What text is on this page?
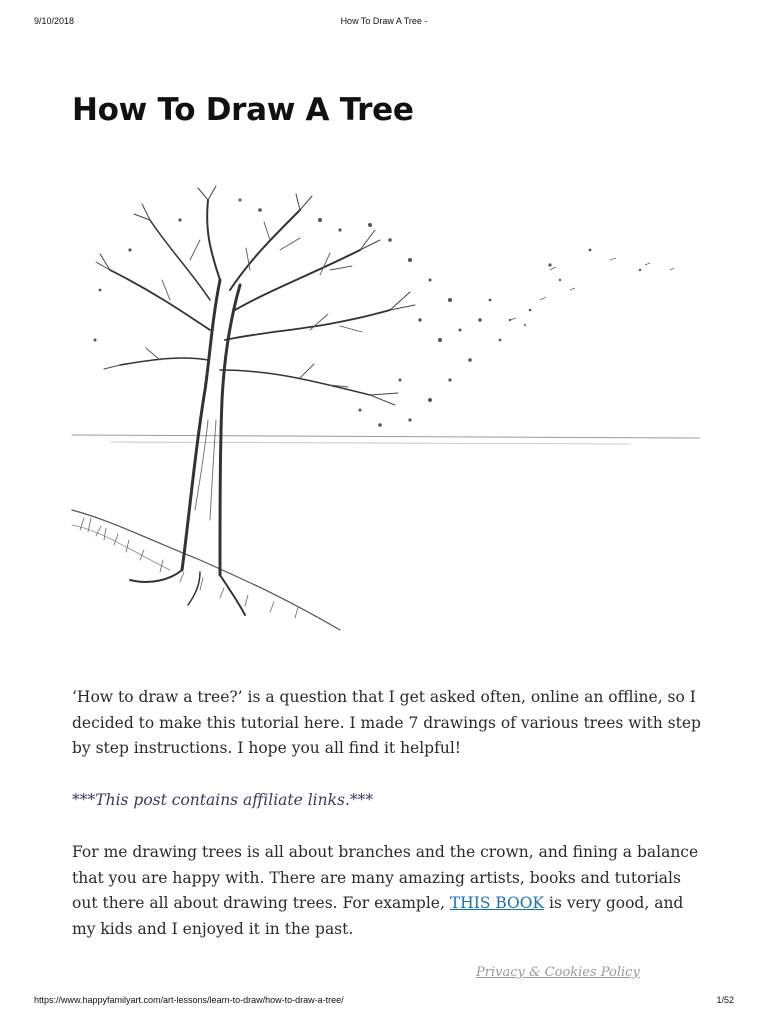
9/10/2018	How To Draw A Tree -
How To Draw A Tree

‘How to draw a tree?’ is a question that I get asked often, online an offline, so I decided to make this tutorial here. I made 7 drawings of various trees with step by step instructions. I hope you all find it helpful!

***This post contains affiliate links.***

For me drawing trees is all about branches and the crown, and fining a balance that you are happy with. There are many amazing artists, books and tutorials out there all about drawing trees. For example, THIS BOOK is very good, and my kids and I enjoyed it in the past.

Privacy & Cookies Policy
https://www.happyfamilyart.com/art-lessons/learn-to-draw/how-to-draw-a-tree/	1/52
